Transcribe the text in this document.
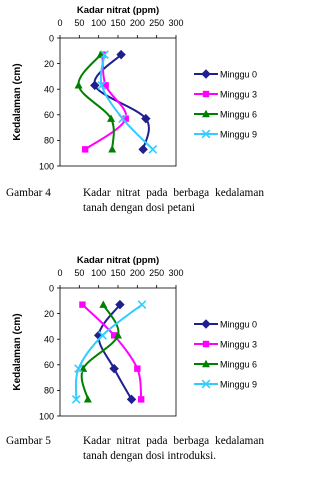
Kadar nitrat (ppm)
0 50 100 150 200 250 300
0
20
40
60
80
100
Kedalaman (cm)	Minggu 0
Minggu 3
Minggu 6
Minggu 9
Gambar 4	Kadar nitrat pada berbaga kedalaman tanah dengan dosi petani
Kadar nitrat (ppm)
0 50 100 150 200 250 300
0
20
40
60
80
100
Kedalaman (cm)	Minggu 0
Minggu 3
Minggu 6
Minggu 9
Gambar 5	Kadar nitrat pada berbaga kedalaman tanah dengan dosi introduksi.
